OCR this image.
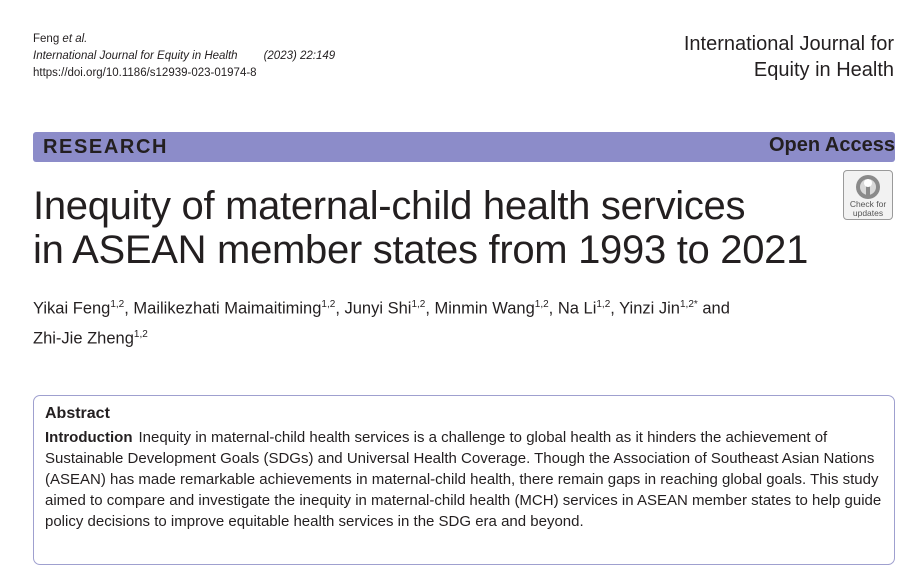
Feng et al.
International Journal for Equity in Health (2023) 22:149
https://doi.org/10.1186/s12939-023-01974-8
International Journal for
Equity in Health
RESEARCH	Open Access
Check for
updates
Inequity of maternal-child health services
in ASEAN member states from 1993 to 2021
Yikai Feng$^{1,2}$, Mailikezhati Maimaitiming$^{1,2}$, Junyi Shi$^{1,2}$, Minmin Wang$^{1,2}$, Na Li$^{1,2}$, Yinzi Jin$^{1,2*}$ and
Zhi-Jie Zheng$^{1,2}$
Abstract
Introduction Inequity in maternal-child health services is a challenge to global health as it hinders the achievement of Sustainable Development Goals (SDGs) and Universal Health Coverage. Though the Association of Southeast Asian Nations (ASEAN) has made remarkable achievements in maternal-child health, there remain gaps in reaching global goals. This study aimed to compare and investigate the inequity in maternal-child health (MCH) services in ASEAN member states to help guide policy decisions to improve equitable health services in the SDG era and beyond.
